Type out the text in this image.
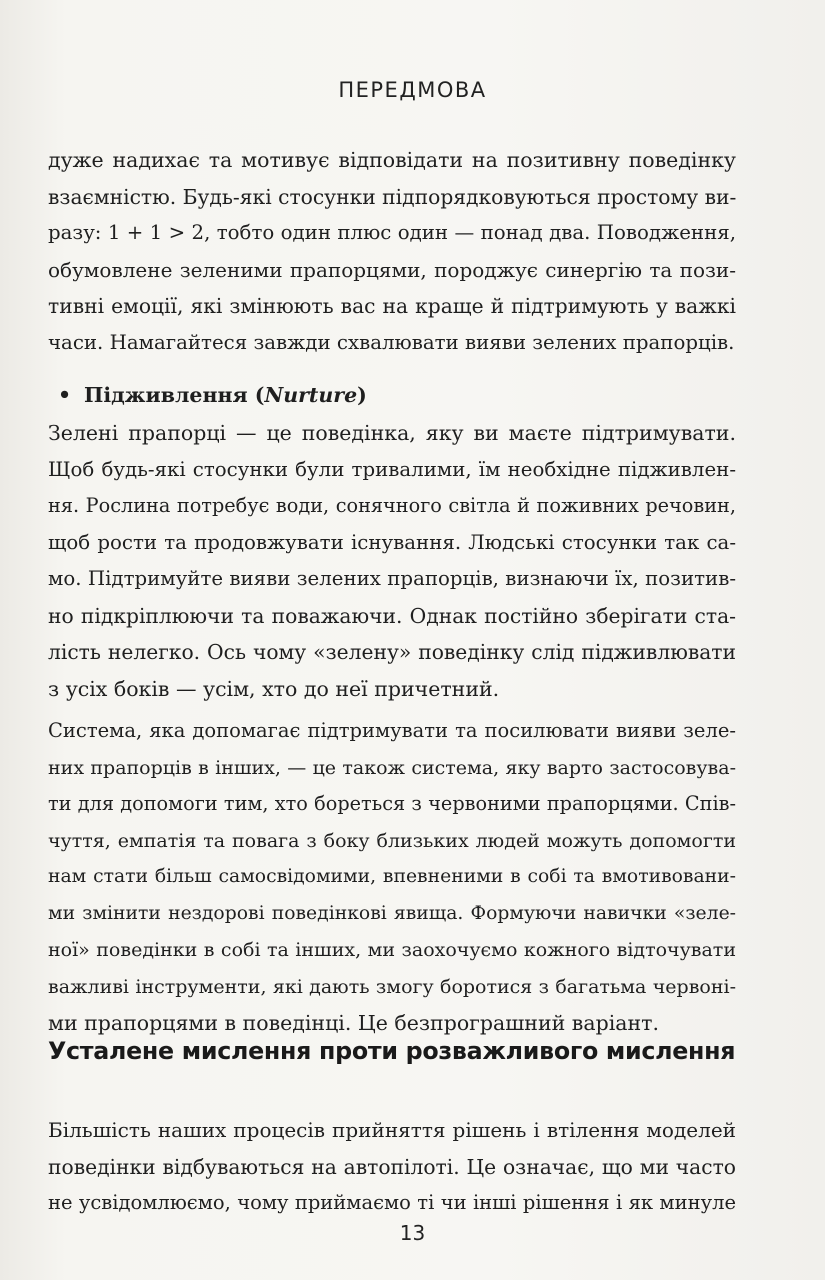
ПЕРЕДМОВА
дуже надихає та мотивує відповідати на позитивну поведінку
взаємністю. Будь-які стосунки підпорядковуються простому ви-
разу: 1 + 1 > 2, тобто один плюс один — понад два. Поводження,
обумовлене зеленими прапорцями, породжує синергію та пози-
тивні емоції, які змінюють вас на краще й підтримують у важкі
часи. Намагайтеся завжди схвалювати вияви зелених прапорців.
• Підживлення (Nurture)
Зелені прапорці — це поведінка, яку ви маєте підтримувати.
Щоб будь-які стосунки були тривалими, їм необхідне підживлен-
ня. Рослина потребує води, сонячного світла й поживних речовин,
щоб рости та продовжувати існування. Людські стосунки так са-
мо. Підтримуйте вияви зелених прапорців, визнаючи їх, позитив-
но підкріплюючи та поважаючи. Однак постійно зберігати ста-
лість нелегко. Ось чому «зелену» поведінку слід підживлювати
з усіх боків — усім, хто до неї причетний.
Система, яка допомагає підтримувати та посилювати вияви зеле-
них прапорців в інших, — це також система, яку варто застосовува-
ти для допомоги тим, хто бореться з червоними прапорцями. Спів-
чуття, емпатія та повага з боку близьких людей можуть допомогти
нам стати більш самосвідомими, впевненими в собі та вмотивовани-
ми змінити нездорові поведінкові явища. Формуючи навички «зеле-
ної» поведінки в собі та інших, ми заохочуємо кожного відточувати
важливі інструменти, які дають змогу боротися з багатьма червоні-
ми прапорцями в поведінці. Це безпрограшний варіант.
Усталене мислення проти розважливого мислення
Більшість наших процесів прийняття рішень і втілення моделей
поведінки відбуваються на автопілоті. Це означає, що ми часто
не усвідомлюємо, чому приймаємо ті чи інші рішення і як минуле
13
